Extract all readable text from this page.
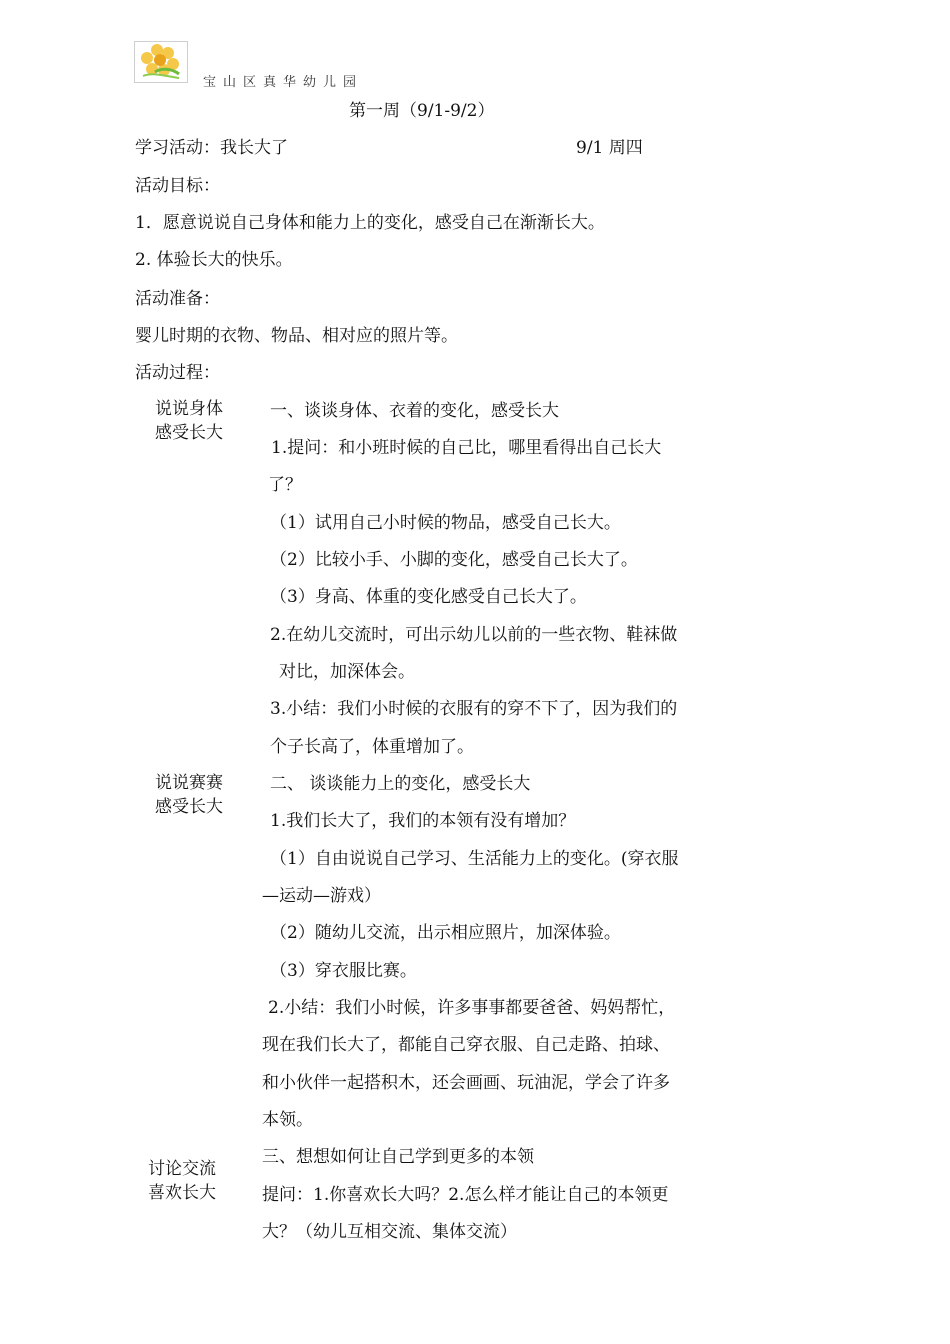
宝山区真华幼儿园
第一周（9/1-9/2）
学习活动：我长大了	9/1 周四
活动目标：
1．愿意说说自己身体和能力上的变化，感受自己在渐渐长大。
2. 体验长大的快乐。
活动准备：
婴儿时期的衣物、物品、相对应的照片等。
活动过程：
说说身体
感受长大
说说赛赛
感受长大
讨论交流
喜欢长大
一、谈谈身体、衣着的变化，感受长大
1.提问：和小班时候的自己比，哪里看得出自己长大
了？
（1）试用自己小时候的物品，感受自己长大。
（2）比较小手、小脚的变化，感受自己长大了。
（3）身高、体重的变化感受自己长大了。
2.在幼儿交流时，可出示幼儿以前的一些衣物、鞋袜做
对比，加深体会。
3.小结：我们小时候的衣服有的穿不下了，因为我们的
个子长高了，体重增加了。
二、 谈谈能力上的变化，感受长大
1.我们长大了，我们的本领有没有增加？
（1）自由说说自己学习、生活能力上的变化。(穿衣服
—运动—游戏）
（2）随幼儿交流，出示相应照片，加深体验。
（3）穿衣服比赛。
2.小结：我们小时候，许多事事都要爸爸、妈妈帮忙，
现在我们长大了，都能自己穿衣服、自己走路、拍球、
和小伙伴一起搭积木，还会画画、玩油泥，学会了许多
本领。
三、想想如何让自己学到更多的本领
提问：1.你喜欢长大吗？2.怎么样才能让自己的本领更
大？（幼儿互相交流、集体交流）
